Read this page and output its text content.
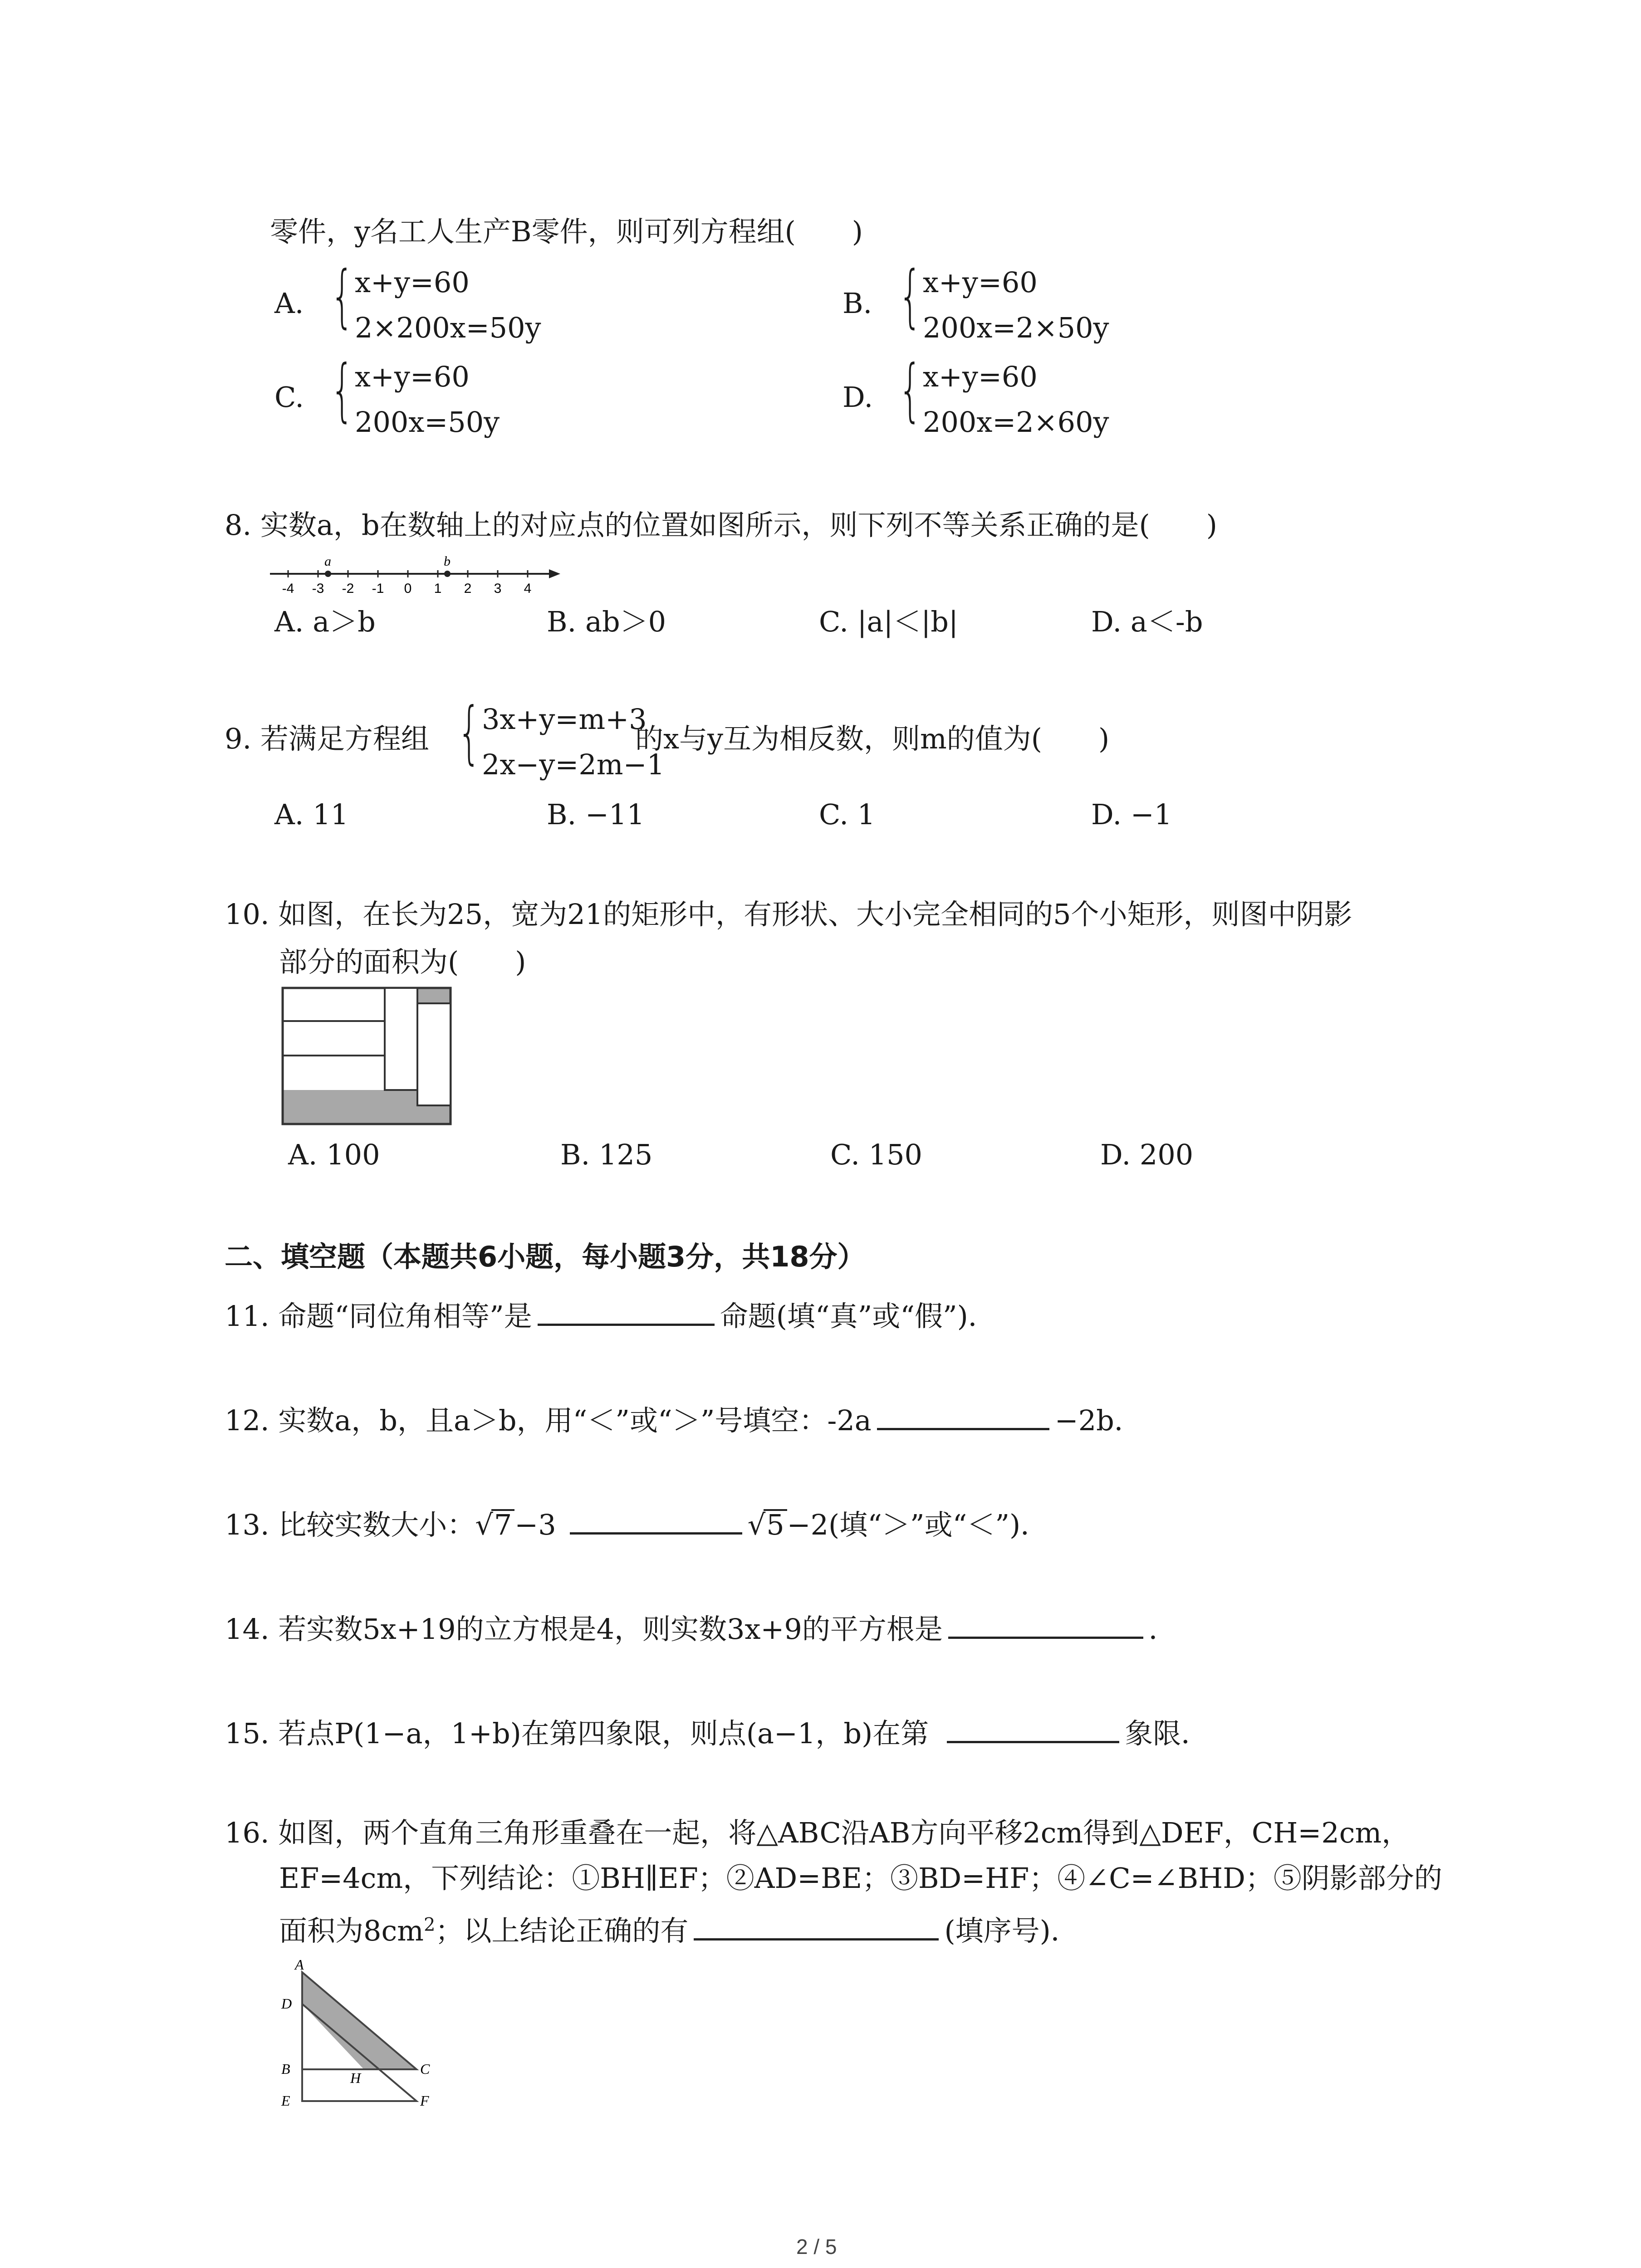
零件，y名工人生产B零件，则可列方程组(　　)
A. { x+y=60
2×200x=50y
B. { x+y=60
200x=2×50y
C. { x+y=60
200x=50y
D. { x+y=60
200x=2×60y
8. 实数a，b在数轴上的对应点的位置如图所示，则下列不等关系正确的是(　　)
-4 -3 -2 -1 0 1 2 3 4
a	b
A. a＞b	B. ab＞0	C. |a|＜|b|	D. a＜-b
9. 若满足方程组 { 3x+y=m+3
2x−y=2m−1
的x与y互为相反数，则m的值为(　　)
A. 11	B. −11	C. 1	D. −1
10. 如图，在长为25，宽为21的矩形中，有形状、大小完全相同的5个小矩形，则图中阴影
部分的面积为(　　)
A. 100	B. 125	C. 150	D. 200
二、填空题（本题共6小题，每小题3分，共18分）
11. 命题“同位角相等”是	命题(填“真”或“假”)．
12. 实数a，b，且a＞b，用“＜”或“＞”号填空：-2a	−2b．
13. 比较实数大小：√7−3	√5−2(填“＞”或“＜”)．
14. 若实数5x+19的立方根是4，则实数3x+9的平方根是	．
15. 若点P(1−a，1+b)在第四象限，则点(a−1，b)在第	象限．
16. 如图，两个直角三角形重叠在一起，将△ABC沿AB方向平移2cm得到△DEF，CH=2cm，
EF=4cm，下列结论：①BH∥EF；②AD=BE；③BD=HF；④∠C=∠BHD；⑤阴影部分的
面积为$8cm^2$；以上结论正确的有	(填序号)．
A
D
B
E
H
C
F
2 / 5
